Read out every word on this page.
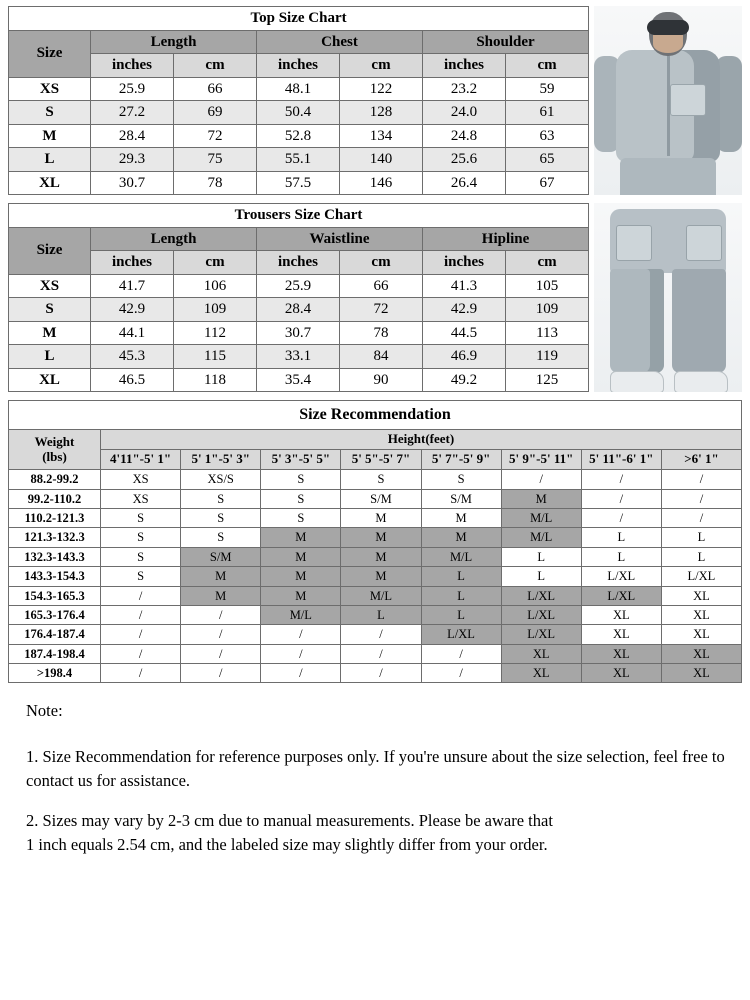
Top Size Chart						
Size	Length		Chest		Shoulder	
	inches	cm	inches	cm	inches	cm
XS	25.9	66	48.1	122	23.2	59
S	27.2	69	50.4	128	24.0	61
M	28.4	72	52.8	134	24.8	63
L	29.3	75	55.1	140	25.6	65
XL	30.7	78	57.5	146	26.4	67
Trousers Size Chart						
Size	Length		Waistline		Hipline	
	inches	cm	inches	cm	inches	cm
XS	41.7	106	25.9	66	41.3	105
S	42.9	109	28.4	72	42.9	109
M	44.1	112	30.7	78	44.5	113
L	45.3	115	33.1	84	46.9	119
XL	46.5	118	35.4	90	49.2	125
Size Recommendation								

Weight
(lbs)	Height(feet)							
	4'11"-5' 1"	5' 1"-5' 3"	5' 3"-5' 5"	5' 5"-5' 7"	5' 7"-5' 9"	5' 9"-5' 11"	5' 11"-6' 1"	>6' 1"
88.2-99.2	XS	XS/S	S	S	S	/	/	/
99.2-110.2	XS	S	S	S/M	S/M	M	/	/
110.2-121.3	S	S	S	M	M	M/L	/	/
121.3-132.3	S	S	M	M	M	M/L	L	L
132.3-143.3	S	S/M	M	M	M/L	L	L	L
143.3-154.3	S	M	M	M	L	L	L/XL	L/XL
154.3-165.3	/	M	M	M/L	L	L/XL	L/XL	XL
165.3-176.4	/	/	M/L	L	L	L/XL	XL	XL
176.4-187.4	/	/	/	/	L/XL	L/XL	XL	XL
187.4-198.4	/	/	/	/	/	XL	XL	XL
>198.4	/	/	/	/	/	XL	XL	XL

Note:

1. Size Recommendation for reference purposes only. If you're unsure about the size selection, feel free to contact us for assistance.

2. Sizes may vary by 2-3 cm due to manual measurements. Please be aware that
1 inch equals 2.54 cm, and the labeled size may slightly differ from your order.
